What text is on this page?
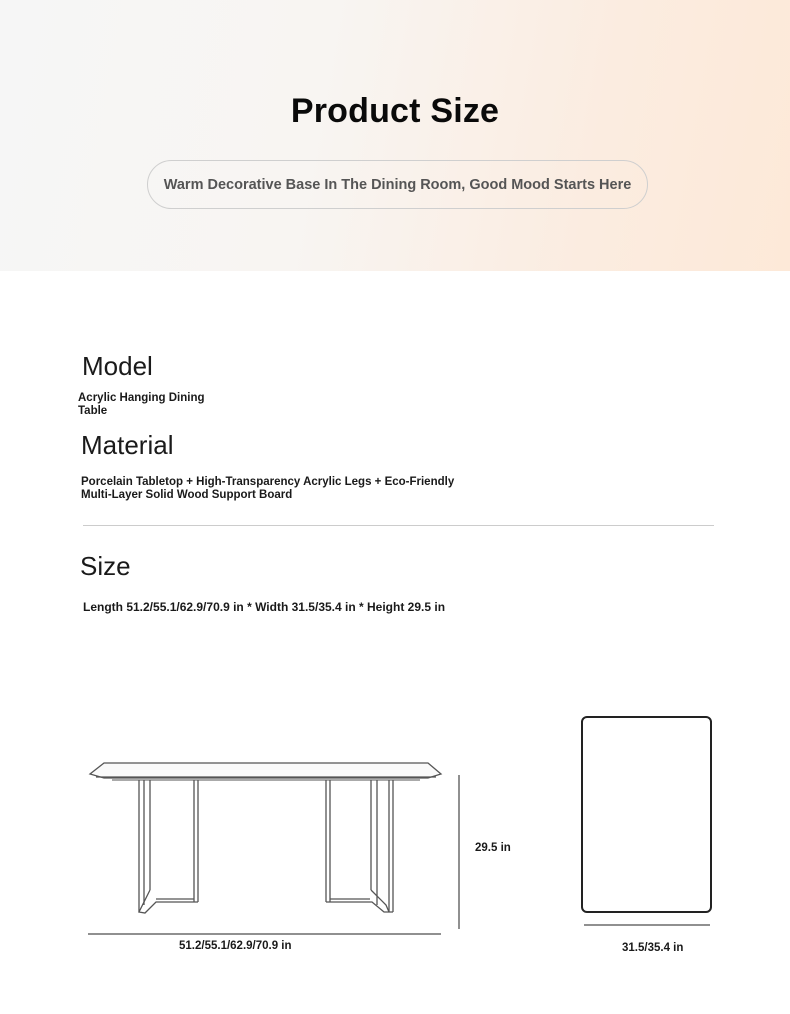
Product Size
Warm Decorative Base In The Dining Room, Good Mood Starts Here
Model
Acrylic Hanging Dining
Table
Material
Porcelain Tabletop + High-Transparency Acrylic Legs + Eco-Friendly
Multi-Layer Solid Wood Support Board
Size
Length 51.2/55.1/62.9/70.9 in * Width 31.5/35.4 in * Height 29.5 in
29.5 in
51.2/55.1/62.9/70.9 in	31.5/35.4 in
